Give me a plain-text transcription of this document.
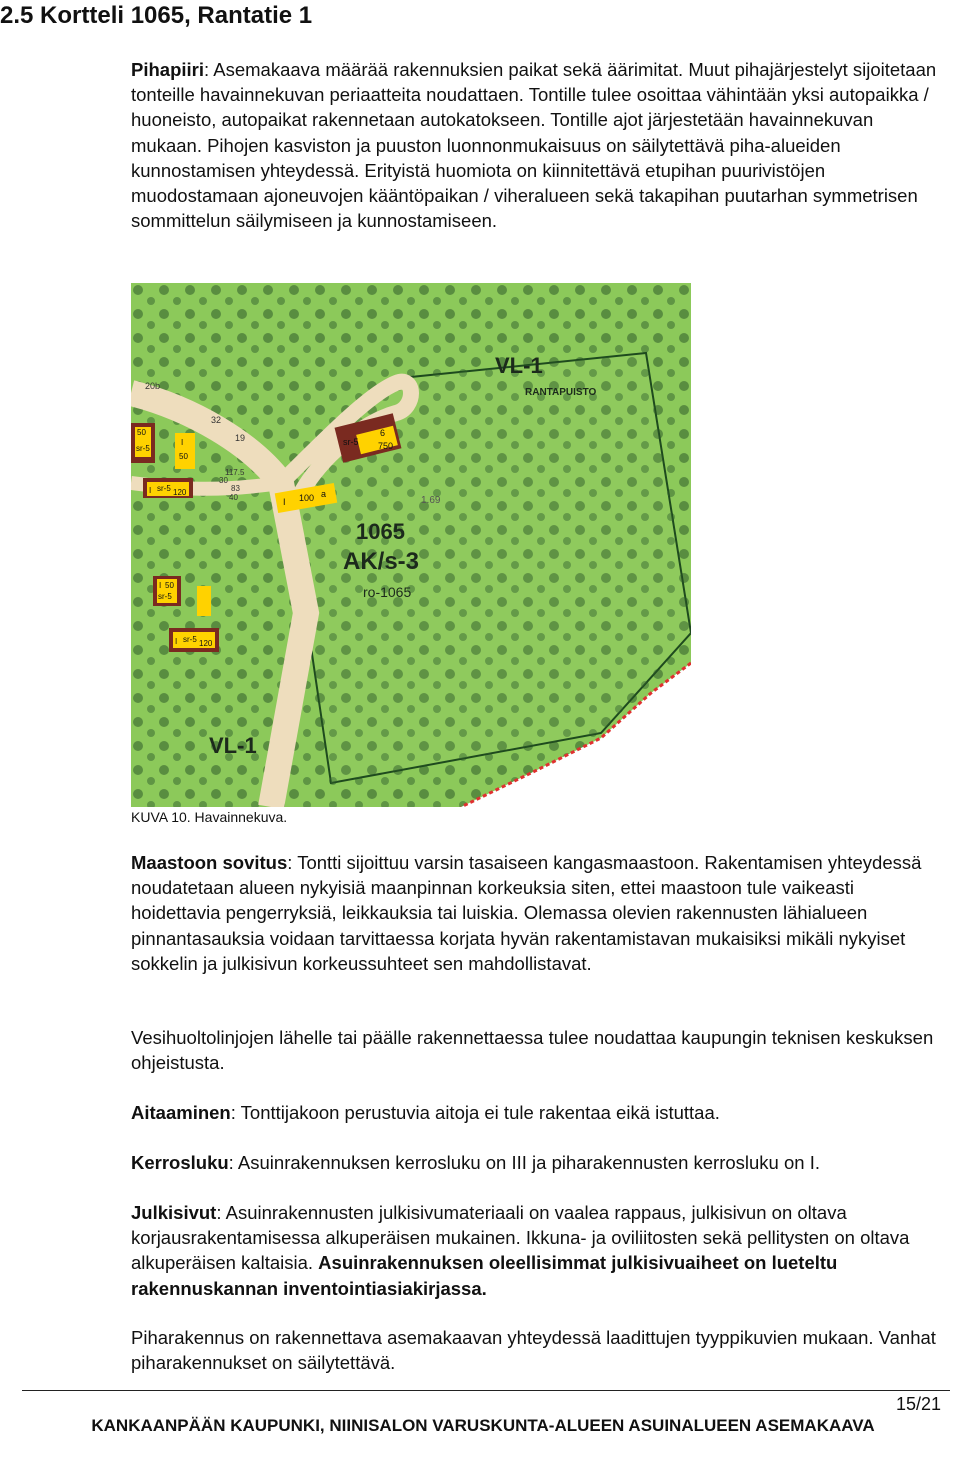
2.5 Kortteli 1065, Rantatie 1

Pihapiiri: Asemakaava määrää rakennuksien paikat sekä äärimitat. Muut pihajärjestelyt sijoitetaan tonteille havainnekuvan periaatteita noudattaen. Tontille tulee osoittaa vähintään yksi autopaikka / huoneisto, autopaikat rakennetaan autokatokseen. Tontille ajot järjestetään havainnekuvan mukaan. Pihojen kasviston ja puuston luonnonmukaisuus on säilytettävä piha-alueiden kunnostamisen yhteydessä. Erityistä huomiota on kiinnitettävä etupihan puurivistöjen muodostamaan ajoneuvojen kääntöpaikan / viheralueen sekä takapihan puutarhan symmetrisen sommittelun säilymiseen ja kunnostamiseen.

sr-5
6
750
I 100 a
50
sr-5
I
50
I sr-5 120
I 50
sr-5
I sr-5 120
20b
32
19
117.5
30
83
40	1.69
VL-1
RANTAPUISTO
1065
AK/s-3
ro-1065
VL-1
KUVA 10. Havainnekuva.

Maastoon sovitus: Tontti sijoittuu varsin tasaiseen kangasmaastoon. Rakentamisen yhteydessä noudatetaan alueen nykyisiä maanpinnan korkeuksia siten, ettei maastoon tule vaikeasti hoidettavia pengerryksiä, leikkauksia tai luiskia. Olemassa olevien rakennusten lähialueen pinnantasauksia voidaan tarvittaessa korjata hyvän rakentamistavan mukaisiksi mikäli nykyiset sokkelin ja julkisivun korkeussuhteet sen mahdollistavat.

Vesihuoltolinjojen lähelle tai päälle rakennettaessa tulee noudattaa kaupungin teknisen keskuksen ohjeistusta.

Aitaaminen: Tonttijakoon perustuvia aitoja ei tule rakentaa eikä istuttaa.

Kerrosluku: Asuinrakennuksen kerrosluku on III ja piharakennusten kerrosluku on I.

Julkisivut: Asuinrakennusten julkisivumateriaali on vaalea rappaus, julkisivun on oltava korjausrakentamisessa alkuperäisen mukainen. Ikkuna- ja oviliitosten sekä pellitysten on oltava alkuperäisen kaltaisia. Asuinrakennuksen oleellisimmat julkisivuaiheet on lueteltu rakennuskannan inventointiasiakirjassa.

Piharakennus on rakennettava asemakaavan yhteydessä laadittujen tyyppikuvien mukaan. Vanhat piharakennukset on säilytettävä.

15/21
KANKAANPÄÄN KAUPUNKI, NIINISALON VARUSKUNTA-ALUEEN ASUINALUEEN ASEMAKAAVA
